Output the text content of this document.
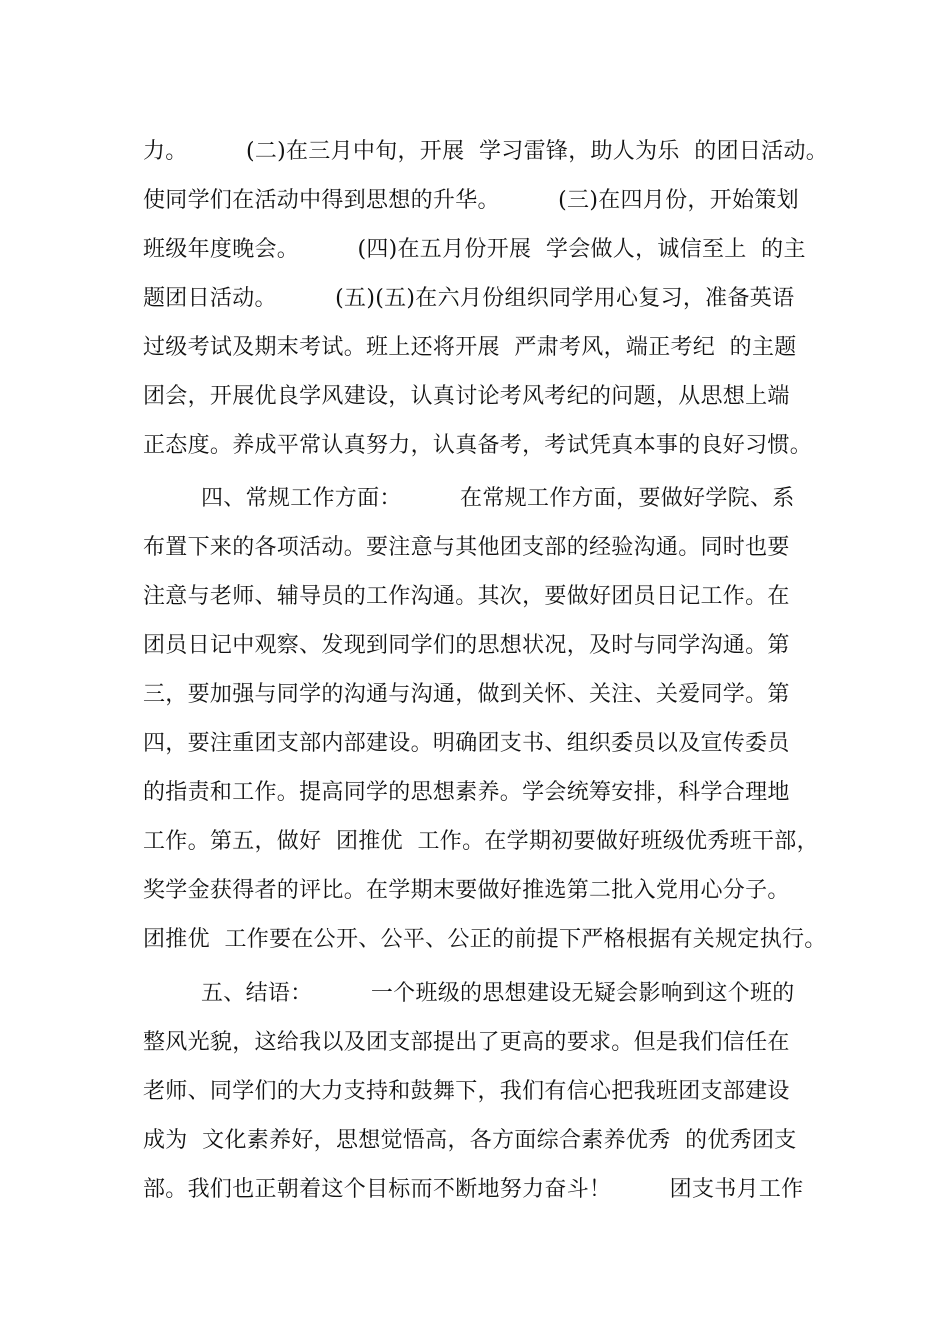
力。        (二)在三月中旬，开展  学习雷锋，助人为乐  的团日活动。
使同学们在活动中得到思想的升华。        (三)在四月份，开始策划
班级年度晚会。        (四)在五月份开展  学会做人，诚信至上  的主
题团日活动。        (五)(五)在六月份组织同学用心复习，准备英语
过级考试及期末考试。班上还将开展  严肃考风，端正考纪  的主题
团会，开展优良学风建设，认真讨论考风考纪的问题，从思想上端
正态度。养成平常认真努力，认真备考，考试凭真本事的良好习惯。
四、常规工作方面：        在常规工作方面，要做好学院、系
布置下来的各项活动。要注意与其他团支部的经验沟通。同时也要
注意与老师、辅导员的工作沟通。其次，要做好团员日记工作。在
团员日记中观察、发现到同学们的思想状况，及时与同学沟通。第
三，要加强与同学的沟通与沟通，做到关怀、关注、关爱同学。第
四，要注重团支部内部建设。明确团支书、组织委员以及宣传委员
的指责和工作。提高同学的思想素养。学会统筹安排，科学合理地
工作。第五，做好  团推优  工作。在学期初要做好班级优秀班干部，
奖学金获得者的评比。在学期末要做好推选第二批入党用心分子。
团推优  工作要在公开、公平、公正的前提下严格根据有关规定执行。
五、结语：        一个班级的思想建设无疑会影响到这个班的
整风光貌，这给我以及团支部提出了更高的要求。但是我们信任在
老师、同学们的大力支持和鼓舞下，我们有信心把我班团支部建设
成为  文化素养好，思想觉悟高，各方面综合素养优秀  的优秀团支
部。我们也正朝着这个目标而不断地努力奋斗！        团支书月工作
